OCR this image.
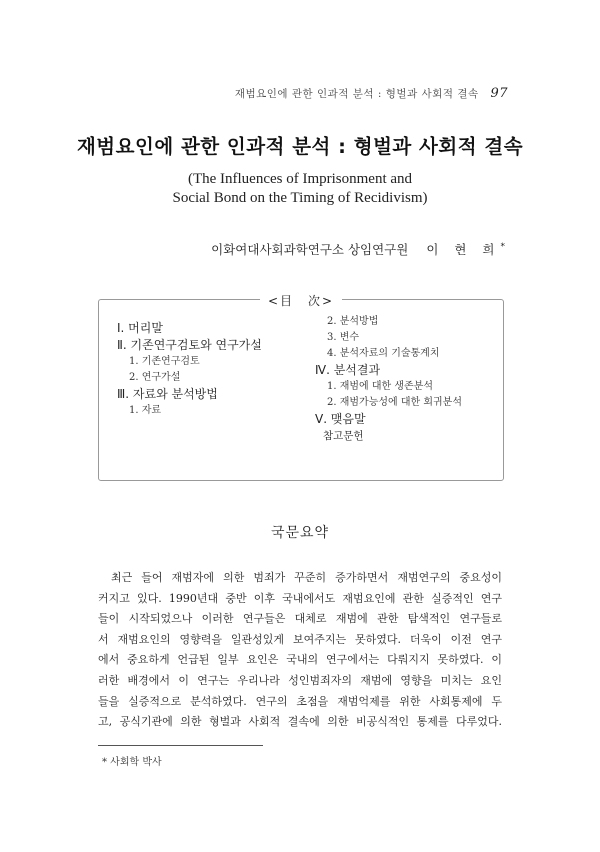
재범요인에 관한 인과적 분석 : 형벌과 사회적 결속 97
재범요인에 관한 인과적 분석 : 형벌과 사회적 결속
(The Influences of Imprisonment and
Social Bond on the Timing of Recidivism)
이화여대사회과학연구소 상임연구원 이 현 희*
<目　次>
Ⅰ. 머리말
Ⅱ. 기존연구검토와 연구가설
1. 기존연구검토
2. 연구가설
Ⅲ. 자료와 분석방법
1. 자료
2. 분석방법
3. 변수
4. 분석자료의 기술통계치
Ⅳ. 분석결과
1. 재범에 대한 생존분석
2. 재범가능성에 대한 회귀분석
Ⅴ. 맺음말
참고문헌
국문요약
최근 들어 재범자에 의한 범죄가 꾸준히 증가하면서 재범연구의 중요성이
커지고 있다. 1990년대 중반 이후 국내에서도 재범요인에 관한 실증적인 연구
들이 시작되었으나 이러한 연구들은 대체로 재범에 관한 탐색적인 연구들로
서 재범요인의 영향력을 일관성있게 보여주지는 못하였다. 더욱이 이전 연구
에서 중요하게 언급된 일부 요인은 국내의 연구에서는 다뤄지지 못하였다. 이
러한 배경에서 이 연구는 우리나라 성인범죄자의 재범에 영향을 미치는 요인
들을 실증적으로 분석하였다. 연구의 초점을 재범억제를 위한 사회통제에 두
고, 공식기관에 의한 형벌과 사회적 결속에 의한 비공식적인 통제를 다루었다.
* 사회학 박사
